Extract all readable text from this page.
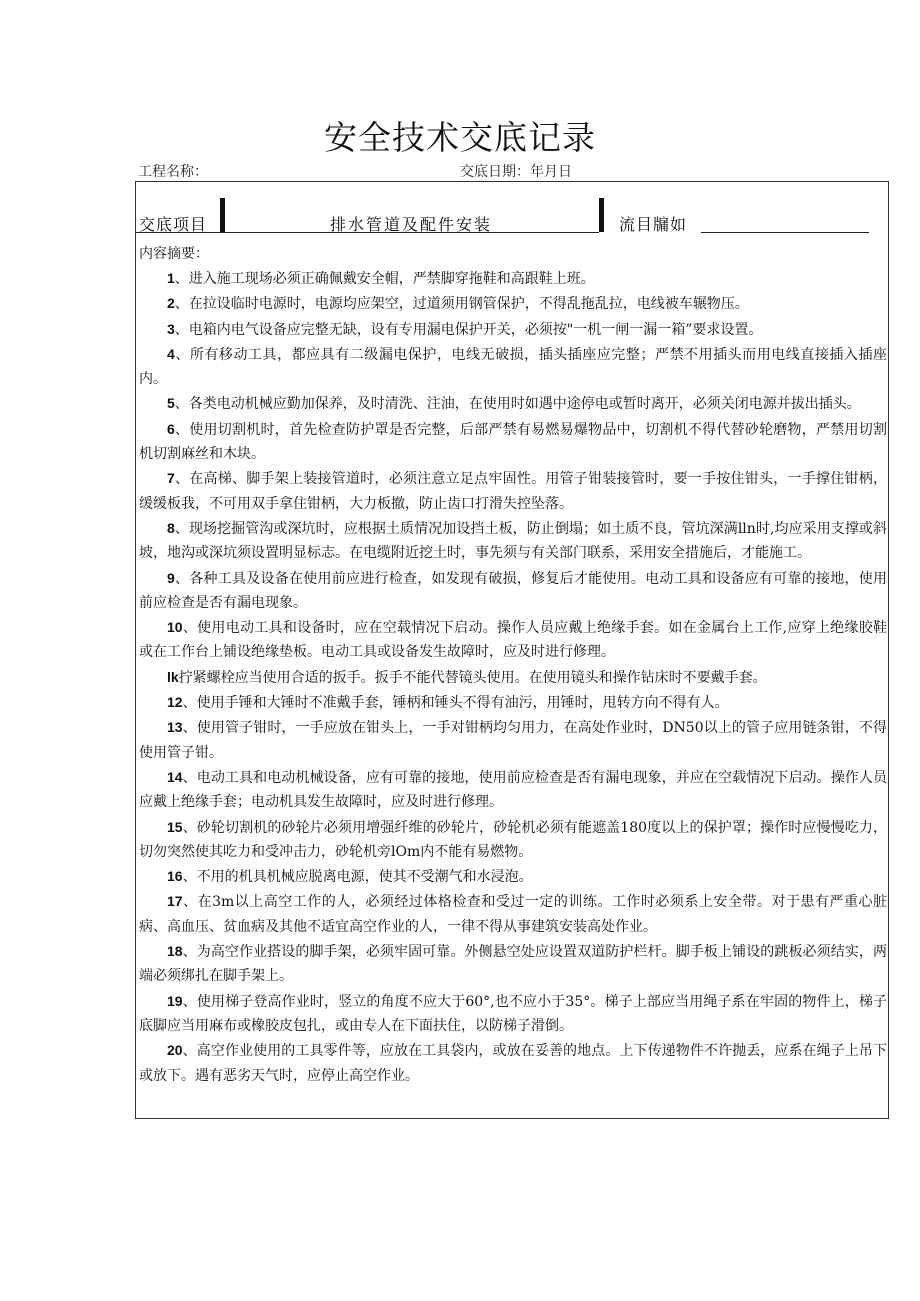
安全技术交底记录
工程名称：	交底日期：年月日
交底项目	排水管道及配件安装	流目牖如
内容摘要：

1、进入施工现场必须正确佩戴安全帽，严禁脚穿拖鞋和高跟鞋上班。

2、在拉设临时电源时，电源均应架空，过道须用钢管保护，不得乱拖乱拉，电线被车辗物压。

3、电箱内电气设备应完整无缺，设有专用漏电保护开关，必须按"一机一闸一漏一箱”要求设置。

4、所有移动工具，都应具有二级漏电保护，电线无破损，插头插座应完整；严禁不用插头而用电线直接插入插座内。

5、各类电动机械应勤加保养，及时清洗、注油，在使用时如遇中途停电或暂时离开，必须关闭电源并拔出插头。

6、使用切割机时，首先检查防护罩是否完整，后部严禁有易燃易爆物品中，切割机不得代替砂轮磨物，严禁用切割机切割麻丝和木块。

7、在高梯、脚手架上装接管道时，必须注意立足点牢固性。用管子钳装接管时，要一手按住钳头，一手撑住钳柄，缓缓板我，不可用双手拿住钳柄，大力板撤，防止齿口打滑失控坠落。

8、现场挖掘管沟或深坑时，应根据土质情况加设挡土板，防止倒塌；如土质不良，管坑深满lln时,均应采用支撑或斜坡，地沟或深坑须设置明显标志。在电缆附近挖土时，事先须与有关部门联系，采用安全措施后，才能施工。

9、各种工具及设备在使用前应进行检查，如发现有破损，修复后才能使用。电动工具和设备应有可靠的接地，使用前应检查是否有漏电现象。

10、使用电动工具和设备时，应在空载情况下启动。操作人员应戴上绝缘手套。如在金属台上工作,应穿上绝缘胶鞋或在工作台上铺设绝缘垫板。电动工具或设备发生故障时，应及时进行修理。

lk拧紧螺栓应当使用合适的扳手。扳手不能代替镜头使用。在使用镜头和操作钻床时不要戴手套。

12、使用手锤和大锤时不准戴手套，锤柄和锤头不得有油污，用锤时，甩转方向不得有人。

13、使用管子钳时，一手应放在钳头上，一手对钳柄均匀用力，在高处作业时，DN50以上的管子应用链条钳，不得使用管子钳。

14、电动工具和电动机械设备，应有可靠的接地，使用前应检查是否有漏电现象，并应在空载情况下启动。操作人员应戴上绝缘手套；电动机具发生故障时，应及时进行修理。

15、砂轮切割机的砂轮片必须用增强纤维的砂轮片，砂轮机必须有能遮盖180度以上的保护罩；操作时应慢慢吃力，切勿突然使其吃力和受冲击力，砂轮机旁lOm内不能有易燃物。

16、不用的机具机械应脱离电源，使其不受潮气和水浸泡。

17、在3m以上高空工作的人，必须经过体格检查和受过一定的训练。工作时必须系上安全带。对于患有严重心脏病、高血压、贫血病及其他不适宜高空作业的人，一律不得从事建筑安装高处作业。

18、为高空作业搭设的脚手架，必须牢固可靠。外侧悬空处应设置双道防护栏杆。脚手板上铺设的跳板必须结实，两端必须绑扎在脚手架上。

19、使用梯子登高作业时，竖立的角度不应大于60°,也不应小于35°。梯子上部应当用绳子系在牢固的物件上，梯子底脚应当用麻布或橡胶皮包扎，或由专人在下面扶住，以防梯子滑倒。

20、高空作业使用的工具零件等，应放在工具袋内，或放在妥善的地点。上下传递物件不许抛丢，应系在绳子上吊下或放下。遇有恶劣天气时，应停止高空作业。
